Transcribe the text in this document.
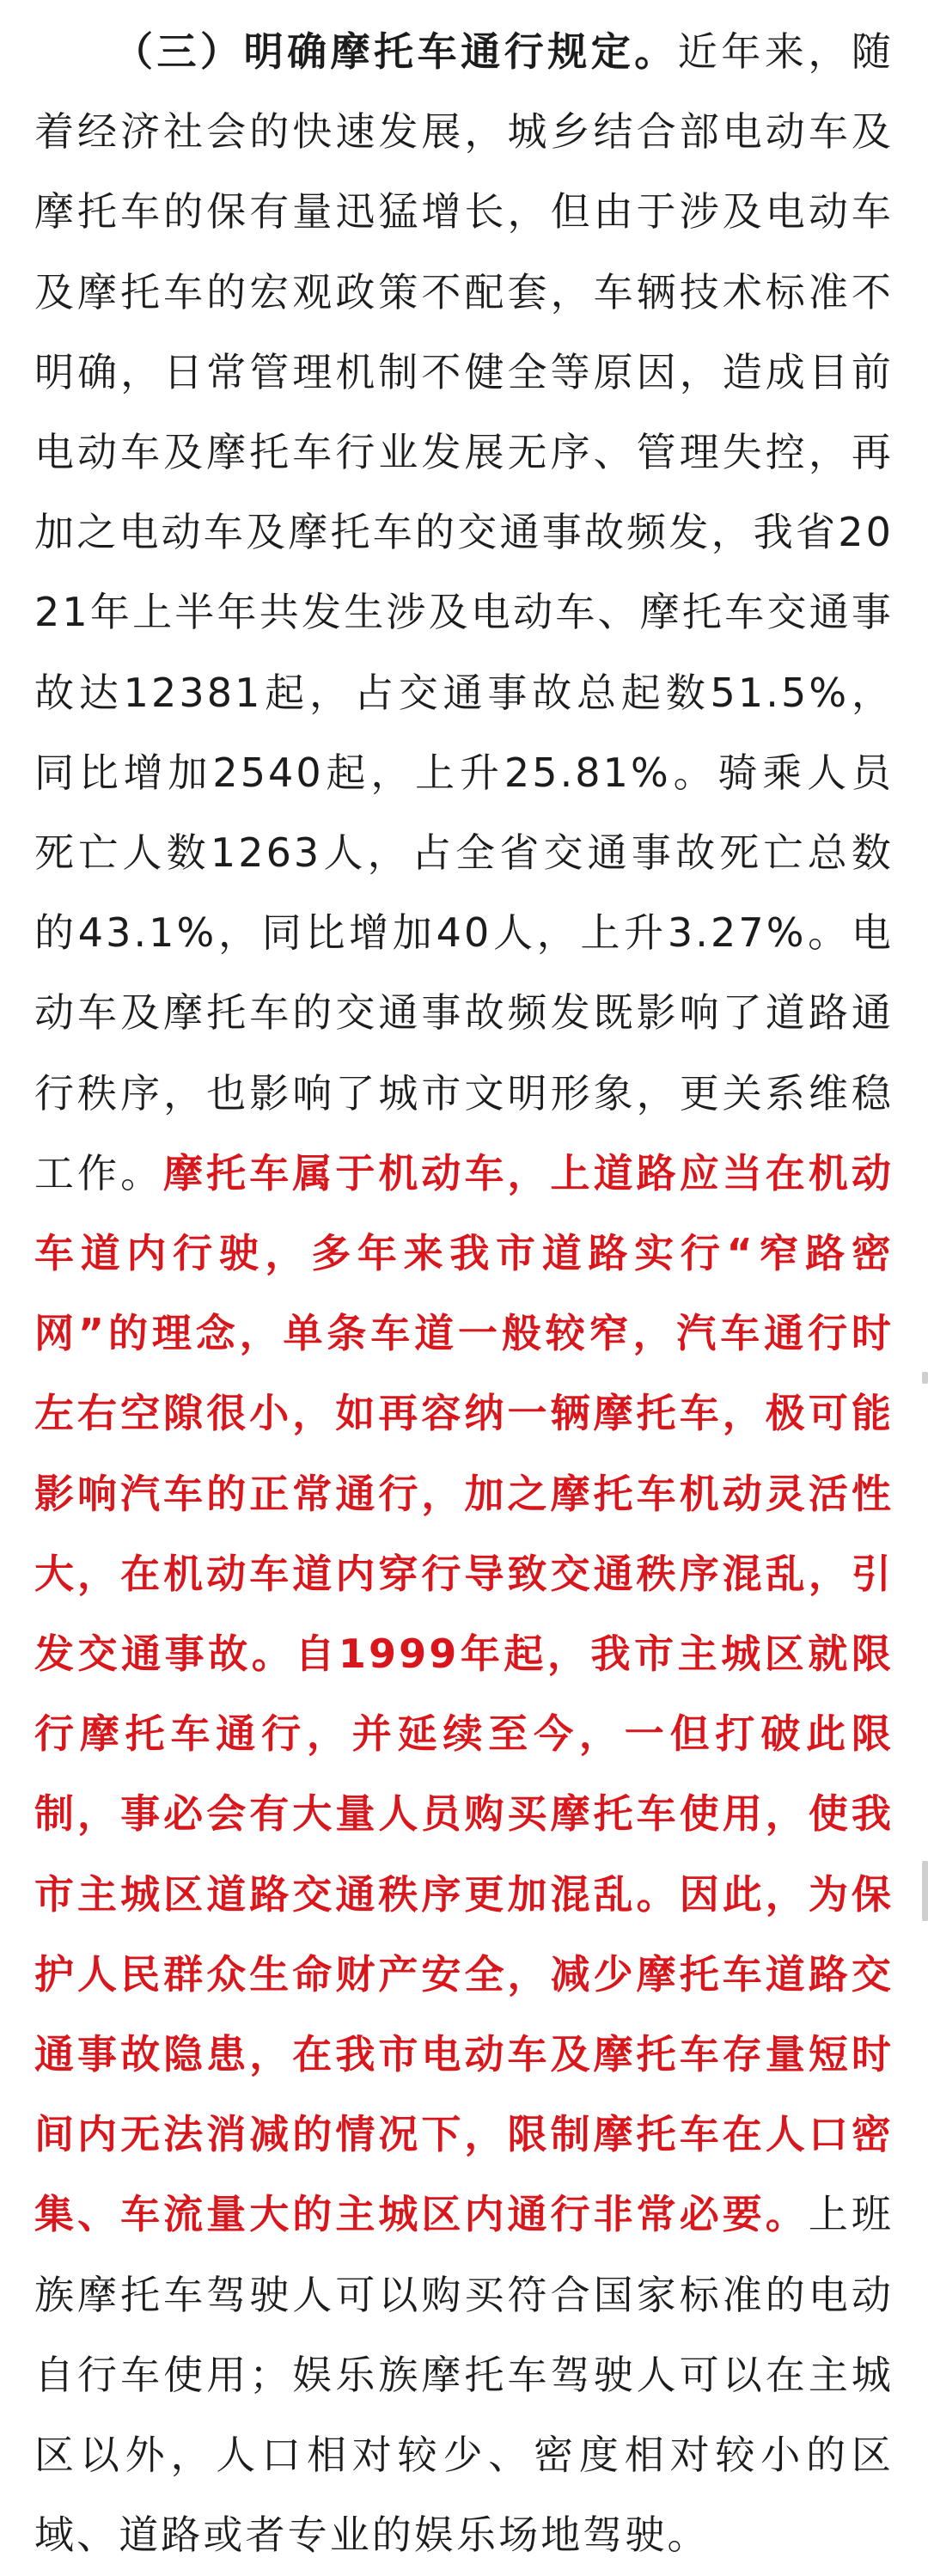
（三）明确摩托车通行规定。近年来，随着经济社会的快速发展，城乡结合部电动车及摩托车的保有量迅猛增长，但由于涉及电动车及摩托车的宏观政策不配套，车辆技术标准不明确，日常管理机制不健全等原因，造成目前电动车及摩托车行业发展无序、管理失控，再加之电动车及摩托车的交通事故频发，我省2021年上半年共发生涉及电动车、摩托车交通事故达12381起，占交通事故总起数51.5%，同比增加2540起，上升25.81%。骑乘人员死亡人数1263人，占全省交通事故死亡总数的43.1%，同比增加40人，上升3.27%。电动车及摩托车的交通事故频发既影响了道路通行秩序，也影响了城市文明形象，更关系维稳工作。摩托车属于机动车，上道路应当在机动车道内行驶，多年来我市道路实行“窄路密网”的理念，单条车道一般较窄，汽车通行时左右空隙很小，如再容纳一辆摩托车，极可能影响汽车的正常通行，加之摩托车机动灵活性大，在机动车道内穿行导致交通秩序混乱，引发交通事故。自1999年起，我市主城区就限行摩托车通行，并延续至今，一但打破此限制，事必会有大量人员购买摩托车使用，使我市主城区道路交通秩序更加混乱。因此，为保护人民群众生命财产安全，减少摩托车道路交通事故隐患，在我市电动车及摩托车存量短时间内无法消减的情况下，限制摩托车在人口密集、车流量大的主城区内通行非常必要。上班族摩托车驾驶人可以购买符合国家标准的电动自行车使用；娱乐族摩托车驾驶人可以在主城区以外，人口相对较少、密度相对较小的区域、道路或者专业的娱乐场地驾驶。
